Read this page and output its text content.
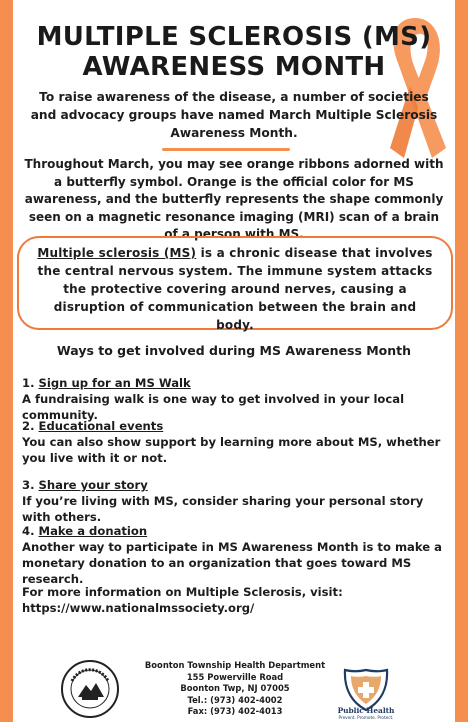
MULTIPLE SCLEROSIS (MS)
AWARENESS MONTH
To raise awareness of the disease, a number of societies and advocacy groups have named March Multiple Sclerosis Awareness Month.
Throughout March, you may see orange ribbons adorned with a butterfly symbol. Orange is the official color for MS awareness, and the butterfly represents the shape commonly seen on a magnetic resonance imaging (MRI) scan of a brain of a person with MS.
Multiple sclerosis (MS) is a chronic disease that involves the central nervous system. The immune system attacks the protective covering around nerves, causing a disruption of communication between the brain and body.
Ways to get involved during MS Awareness Month
1. Sign up for an MS Walk
A fundraising walk is one way to get involved in your local community.
2. Educational events
You can also show support by learning more about MS, whether you live with it or not.
3. Share your story
If you’re living with MS, consider sharing your personal story with others.
4. Make a donation
Another way to participate in MS Awareness Month is to make a monetary donation to an organization that goes toward MS research.
For more information on Multiple Sclerosis, visit:
https://www.nationalmssociety.org/
Boonton Township Health Department
155 Powerville Road
Boonton Twp, NJ 07005
Tel.: (973) 402-4002
Fax: (973) 402-4013	Public Health
Prevent. Promote. Protect.
